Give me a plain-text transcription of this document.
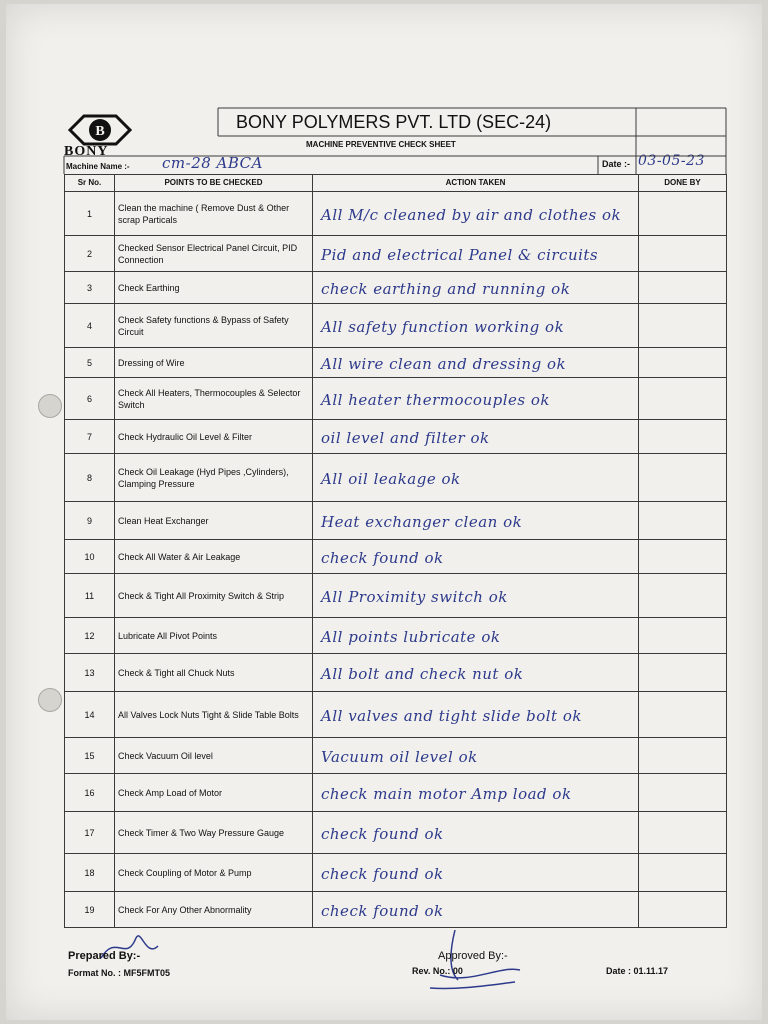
B
BONY
BONY POLYMERS PVT. LTD (SEC-24)
MACHINE PREVENTIVE CHECK SHEET
Machine Name :- cm-28 ABCA	Date :- 03-05-23
Sr No.	POINTS TO BE CHECKED	ACTION TAKEN	DONE BY
1	Clean the machine ( Remove Dust & Other scrap Particals	All M/c cleaned by air and clothes ok	

2	Checked Sensor Electrical Panel Circuit, PID Connection	Pid and electrical Panel & circuits	

3	Check Earthing	check earthing and running ok	

4	Check Safety functions & Bypass of Safety Circuit	All safety function working ok	

5	Dressing of Wire	All wire clean and dressing ok	

6	Check All Heaters, Thermocouples & Selector Switch	All heater thermocouples ok	

7	Check Hydraulic Oil Level & Filter	oil level and filter ok	

8	Check Oil Leakage (Hyd Pipes ,Cylinders), Clamping Pressure	All oil leakage ok	

9	Clean Heat Exchanger	Heat exchanger clean ok	

10	Check All Water & Air Leakage	check found ok	

11	Check & Tight All Proximity Switch & Strip	All Proximity switch ok	

12	Lubricate All Pivot Points	All points lubricate ok	

13	Check & Tight all Chuck Nuts	All bolt and check nut ok	

14	All Valves Lock Nuts Tight & Slide Table Bolts	All valves and tight slide bolt ok	

15	Check Vacuum Oil level	Vacuum oil level ok	

16	Check Amp Load of Motor	check main motor Amp load ok	

17	Check Timer & Two Way Pressure Gauge	check found ok	

18	Check Coupling of Motor & Pump	check found ok	

19	Check For Any Other Abnormality	check found ok	

Prepared By:-	Approved By:-
Format No. : MF5FMT05	Rev. No.: 00	Date : 01.11.17
